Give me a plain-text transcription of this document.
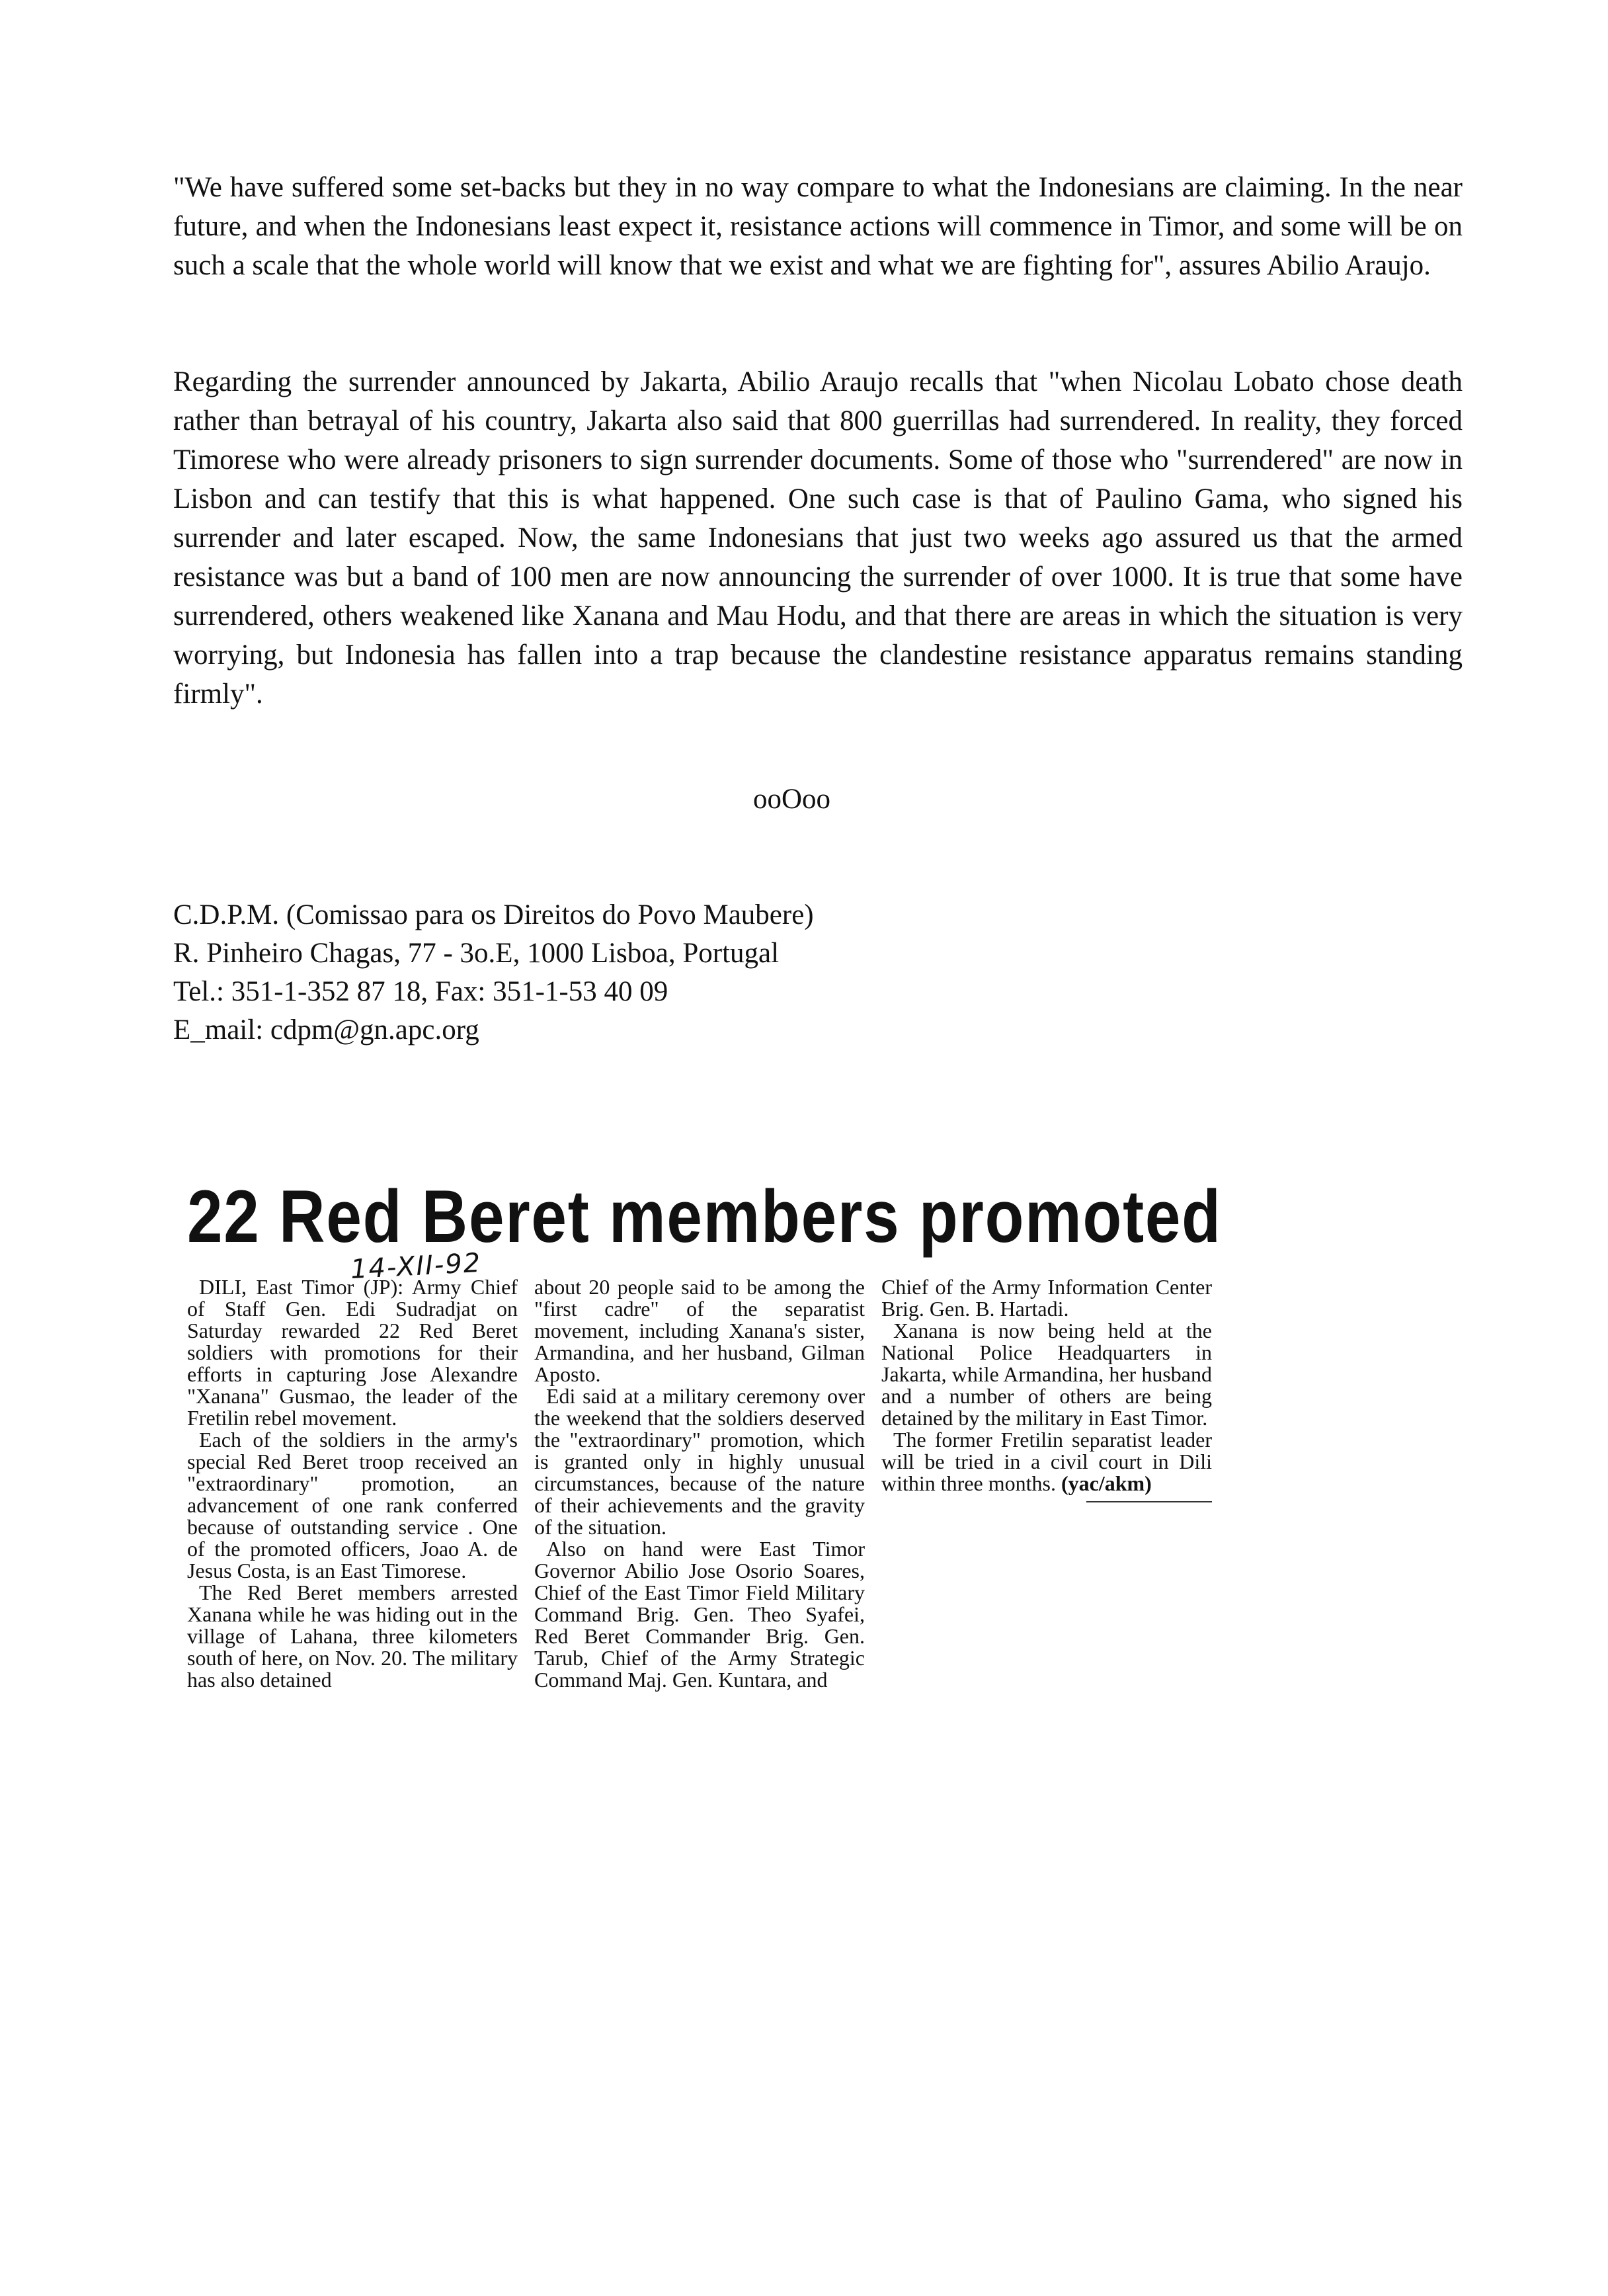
"We have suffered some set-backs but they in no way compare to what the Indonesians are claiming. In the near future, and when the Indonesians least expect it, resistance actions will commence in Timor, and some will be on such a scale that the whole world will know that we exist and what we are fighting for", assures Abilio Araujo.

Regarding the surrender announced by Jakarta, Abilio Araujo recalls that "when Nicolau Lobato chose death rather than betrayal of his country, Jakarta also said that 800 guerrillas had surrendered. In reality, they forced Timorese who were already prisoners to sign surrender documents. Some of those who "surrendered" are now in Lisbon and can testify that this is what happened. One such case is that of Paulino Gama, who signed his surrender and later escaped. Now, the same Indonesians that just two weeks ago assured us that the armed resistance was but a band of 100 men are now announcing the surrender of over 1000. It is true that some have surrendered, others weakened like Xanana and Mau Hodu, and that there are areas in which the situation is very worrying, but Indonesia has fallen into a trap because the clandestine resistance apparatus remains standing firmly".

ooOoo
C.D.P.M. (Comissao para os Direitos do Povo Maubere)
R. Pinheiro Chagas, 77 - 3o.E, 1000 Lisboa, Portugal
Tel.: 351-1-352 87 18, Fax: 351-1-53 40 09
E_mail: cdpm@gn.apc.org
22 Red Beret members promoted
14-XII-92

DILI, East Timor (JP): Army Chief of Staff Gen. Edi Sudradjat on Saturday rewarded 22 Red Beret soldiers with promotions for their efforts in capturing Jose Alexandre "Xanana" Gusmao, the leader of the Fretilin rebel movement.

Each of the soldiers in the army's special Red Beret troop received an "extraordinary" promotion, an advancement of one rank conferred because of outstanding service . One of the promoted officers, Joao A. de Jesus Costa, is an East Timorese.

The Red Beret members arrested Xanana while he was hiding out in the village of Lahana, three kilometers south of here, on Nov. 20. The military has also detained

about 20 people said to be among the "first cadre" of the separatist movement, including Xanana's sister, Armandina, and her husband, Gilman Aposto.

Edi said at a military ceremony over the weekend that the soldiers deserved the "extraordinary" promotion, which is granted only in highly unusual circumstances, because of the nature of their achievements and the gravity of the situation.

Also on hand were East Timor Governor Abilio Jose Osorio Soares, Chief of the East Timor Field Military Command Brig. Gen. Theo Syafei, Red Beret Commander Brig. Gen. Tarub, Chief of the Army Strategic Command Maj. Gen. Kuntara, and

Chief of the Army Information Center Brig. Gen. B. Hartadi.

Xanana is now being held at the National Police Headquarters in Jakarta, while Armandina, her husband and a number of others are being detained by the military in East Timor.

The former Fretilin separatist leader will be tried in a civil court in Dili within three months. (yac/akm)
